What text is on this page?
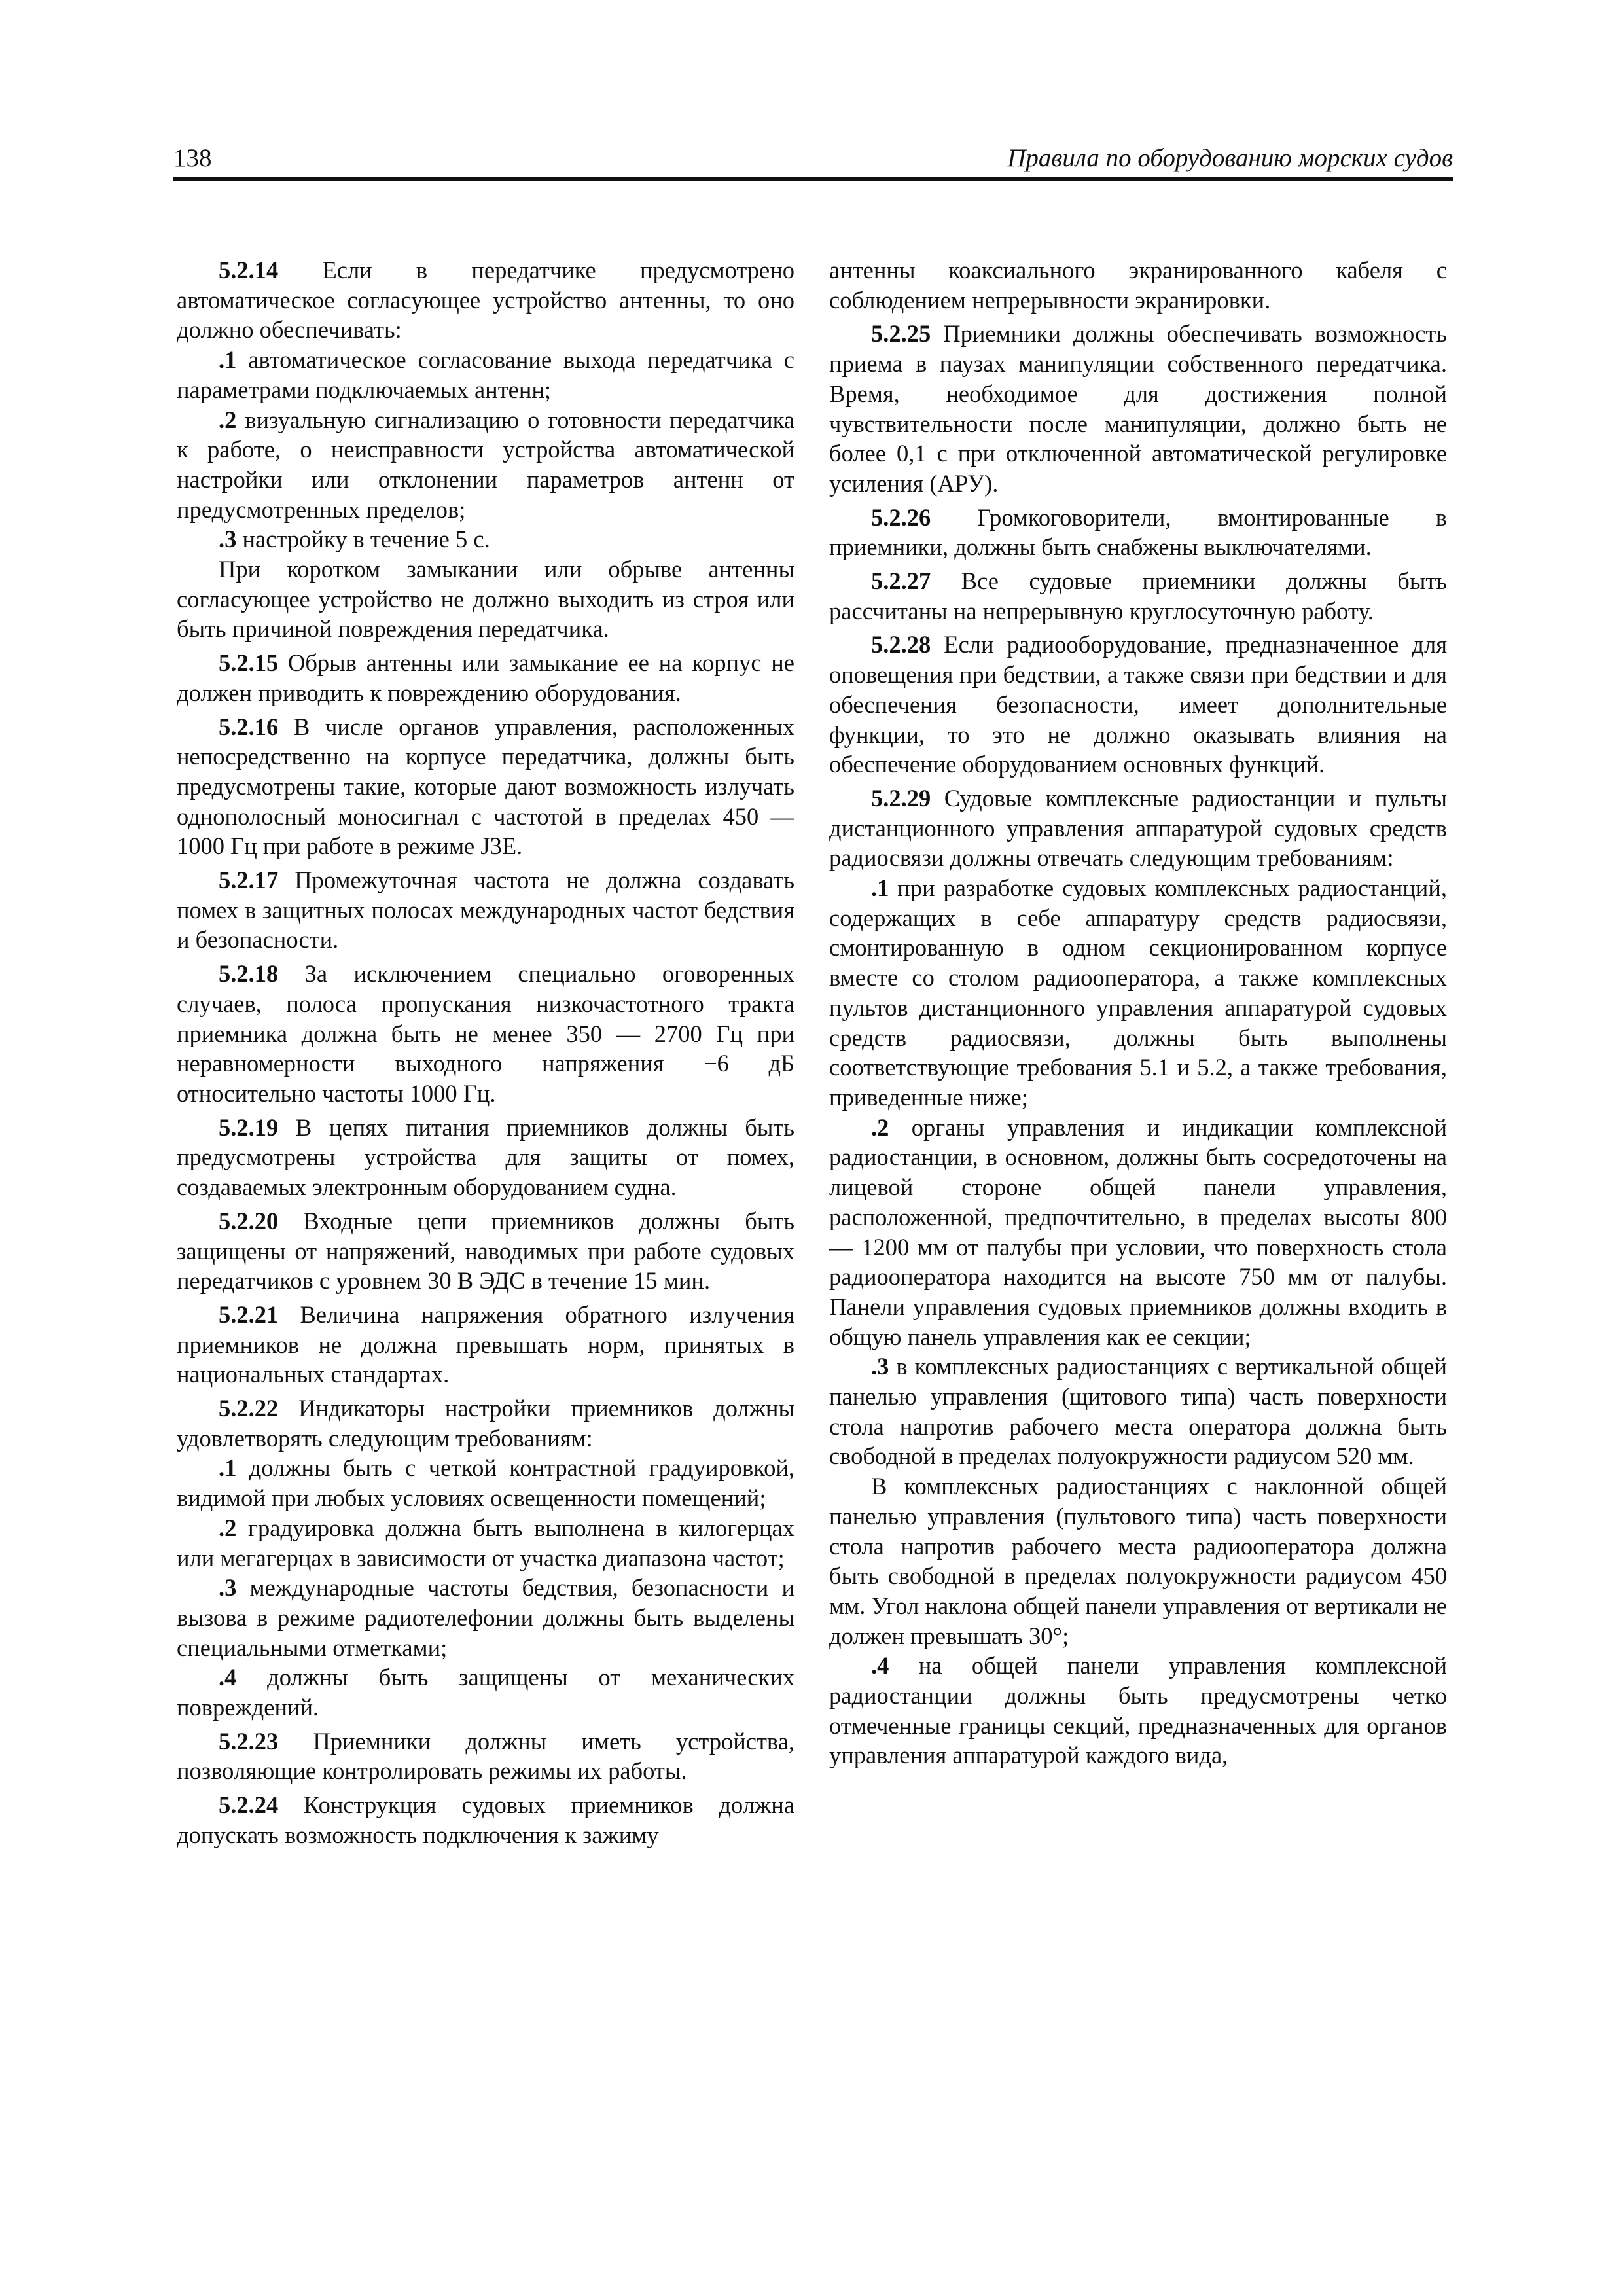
138	Правила по оборудованию морских судов

5.2.14 Если в передатчике предусмотрено автоматическое согласующее устройство антенны, то оно должно обеспечивать:

.1 автоматическое согласование выхода передатчика с параметрами подключаемых антенн;

.2 визуальную сигнализацию о готовности передатчика к работе, о неисправности устройства автоматической настройки или отклонении параметров антенн от предусмотренных пределов;

.3 настройку в течение 5 с.

При коротком замыкании или обрыве антенны согласующее устройство не должно выходить из строя или быть причиной повреждения передатчика.

5.2.15 Обрыв антенны или замыкание ее на корпус не должен приводить к повреждению оборудования.

5.2.16 В числе органов управления, расположенных непосредственно на корпусе передатчика, должны быть предусмотрены такие, которые дают возможность излучать однополосный моносигнал с частотой в пределах 450 — 1000 Гц при работе в режиме J3E.

5.2.17 Промежуточная частота не должна создавать помех в защитных полосах международных частот бедствия и безопасности.

5.2.18 За исключением специально оговоренных случаев, полоса пропускания низкочастотного тракта приемника должна быть не менее 350 — 2700 Гц при неравномерности выходного напряжения −6 дБ относительно частоты 1000 Гц.

5.2.19 В цепях питания приемников должны быть предусмотрены устройства для защиты от помех, создаваемых электронным оборудованием судна.

5.2.20 Входные цепи приемников должны быть защищены от напряжений, наводимых при работе судовых передатчиков с уровнем 30 В ЭДС в течение 15 мин.

5.2.21 Величина напряжения обратного излучения приемников не должна превышать норм, принятых в национальных стандартах.

5.2.22 Индикаторы настройки приемников должны удовлетворять следующим требованиям:

.1 должны быть с четкой контрастной градуировкой, видимой при любых условиях освещенности помещений;

.2 градуировка должна быть выполнена в килогерцах или мегагерцах в зависимости от участка диапазона частот;

.3 международные частоты бедствия, безопасности и вызова в режиме радиотелефонии должны быть выделены специальными отметками;

.4 должны быть защищены от механических повреждений.

5.2.23 Приемники должны иметь устройства, позволяющие контролировать режимы их работы.

5.2.24 Конструкция судовых приемников должна допускать возможность подключения к зажиму

антенны коаксиального экранированного кабеля с соблюдением непрерывности экранировки.

5.2.25 Приемники должны обеспечивать возможность приема в паузах манипуляции собственного передатчика. Время, необходимое для достижения полной чувствительности после манипуляции, должно быть не более 0,1 с при отключенной автоматической регулировке усиления (АРУ).

5.2.26 Громкоговорители, вмонтированные в приемники, должны быть снабжены выключателями.

5.2.27 Все судовые приемники должны быть рассчитаны на непрерывную круглосуточную работу.

5.2.28 Если радиооборудование, предназначенное для оповещения при бедствии, а также связи при бедствии и для обеспечения безопасности, имеет дополнительные функции, то это не должно оказывать влияния на обеспечение оборудованием основных функций.

5.2.29 Судовые комплексные радиостанции и пульты дистанционного управления аппаратурой судовых средств радиосвязи должны отвечать следующим требованиям:

.1 при разработке судовых комплексных радиостанций, содержащих в себе аппаратуру средств радиосвязи, смонтированную в одном секционированном корпусе вместе со столом радиооператора, а также комплексных пультов дистанционного управления аппаратурой судовых средств радиосвязи, должны быть выполнены соответствующие требования 5.1 и 5.2, а также требования, приведенные ниже;

.2 органы управления и индикации комплексной радиостанции, в основном, должны быть сосредоточены на лицевой стороне общей панели управления, расположенной, предпочтительно, в пределах высоты 800 — 1200 мм от палубы при условии, что поверхность стола радиооператора находится на высоте 750 мм от палубы. Панели управления судовых приемников должны входить в общую панель управления как ее секции;

.3 в комплексных радиостанциях с вертикальной общей панелью управления (щитового типа) часть поверхности стола напротив рабочего места оператора должна быть свободной в пределах полуокружности радиусом 520 мм.

В комплексных радиостанциях с наклонной общей панелью управления (пультового типа) часть поверхности стола напротив рабочего места радиооператора должна быть свободной в пределах полуокружности радиусом 450 мм. Угол наклона общей панели управления от вертикали не должен превышать 30°;

.4 на общей панели управления комплексной радиостанции должны быть предусмотрены четко отмеченные границы секций, предназначенных для органов управления аппаратурой каждого вида,
